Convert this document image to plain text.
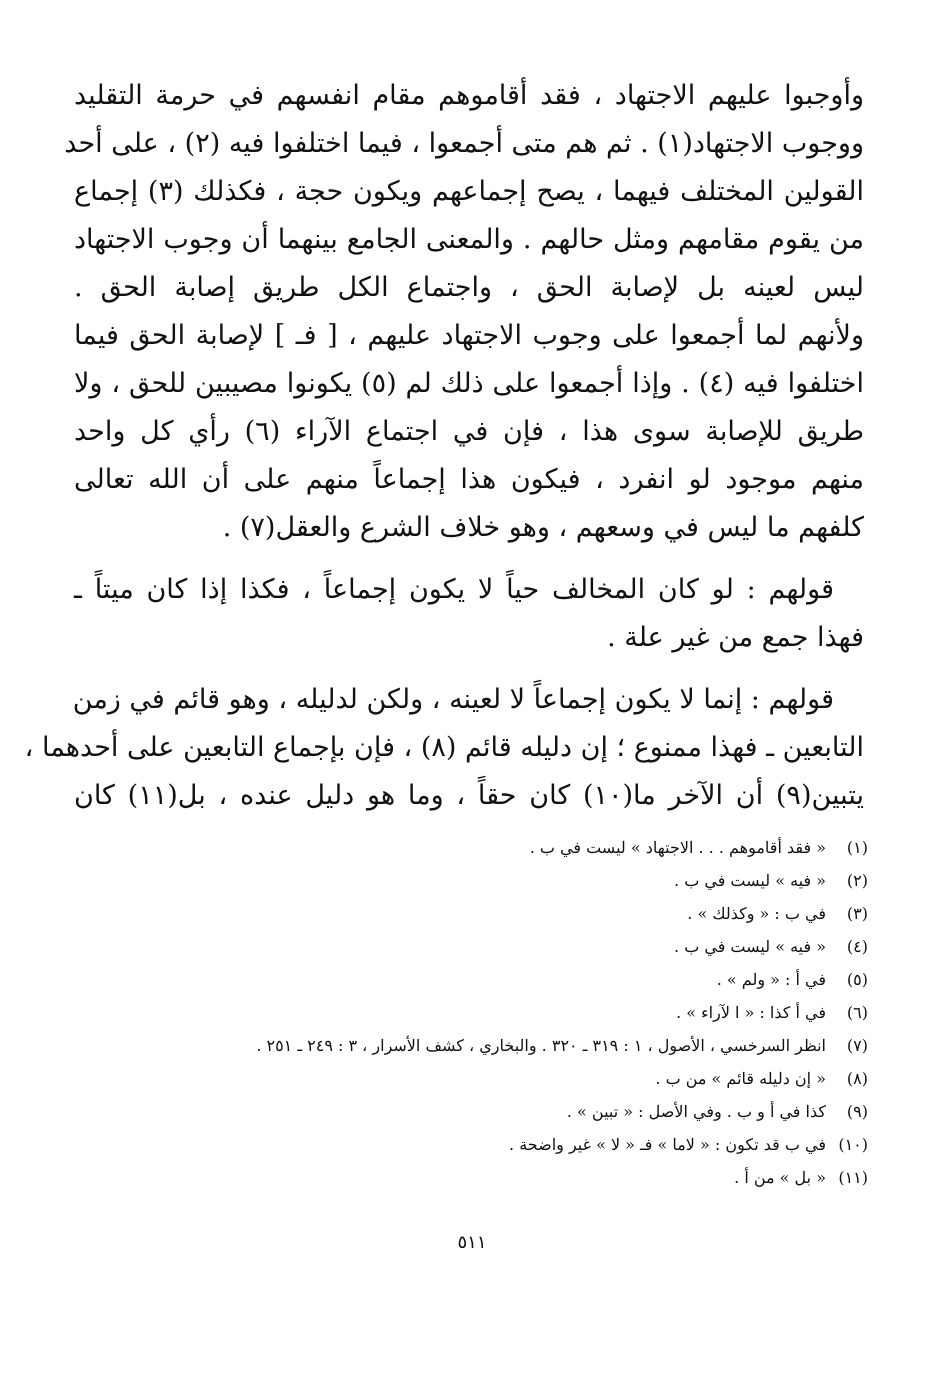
وأوجبوا عليهم الاجتهاد ، فقد أقاموهم مقام انفسهم في حرمة التقليد
ووجوب الاجتهاد(١) . ثم هم متى أجمعوا ، فيما اختلفوا فيه (٢) ، على أحد
القولين المختلف فيهما ، يصح إجماعهم ويكون حجة ، فكذلك (٣) إجماع
من يقوم مقامهم ومثل حالهم . والمعنى الجامع بينهما أن وجوب الاجتهاد
ليس لعينه بل لإصابة الحق ، واجتماع الكل طريق إصابة الحق .
ولأنهم لما أجمعوا على وجوب الاجتهاد عليهم ، [ فـ ] لإصابة الحق فيما
اختلفوا فيه (٤) . وإذا أجمعوا على ذلك لم (٥) يكونوا مصيبين للحق ، ولا
طريق للإصابة سوى هذا ، فإن في اجتماع الآراء (٦) رأي كل واحد
منهم موجود لو انفرد ، فيكون هذا إجماعاً منهم على أن الله تعالى
كلفهم ما ليس في وسعهم ، وهو خلاف الشرع والعقل(٧) .

قولهم : لو كان المخالف حياً لا يكون إجماعاً ، فكذا إذا كان ميتاً ـ
فهذا جمع من غير علة .

قولهم : إنما لا يكون إجماعاً لا لعينه ، ولكن لدليله ، وهو قائم في زمن
التابعين ـ فهذا ممنوع ؛ إن دليله قائم (٨) ، فإن بإجماع التابعين على أحدهما ،
يتبين(٩) أن الآخر ما(١٠) كان حقاً ، وما هو دليل عنده ، بل(١١) كان

(١)« فقد أقاموهم . . . الاجتهاد » ليست في ب .
(٢)« فيه » ليست في ب .
(٣)في ب : « وكذلك » .
(٤)« فيه » ليست في ب .
(٥)في أ : « ولم » .
(٦)في أ كذا : « ا لآراء » .
(٧)انظر السرخسي ، الأصول ، ١ : ٣١٩ ـ ٣٢٠ . والبخاري ، كشف الأسرار ، ٣ : ٢٤٩ ـ ٢٥١ .
(٨)« إن دليله قائم » من ب .
(٩)كذا في أ و ب . وفي الأصل : « تبين » .
(١٠)في ب قد تكون : « لاما » فـ « لا » غير واضحة .
(١١)« بل » من أ .
٥١١
